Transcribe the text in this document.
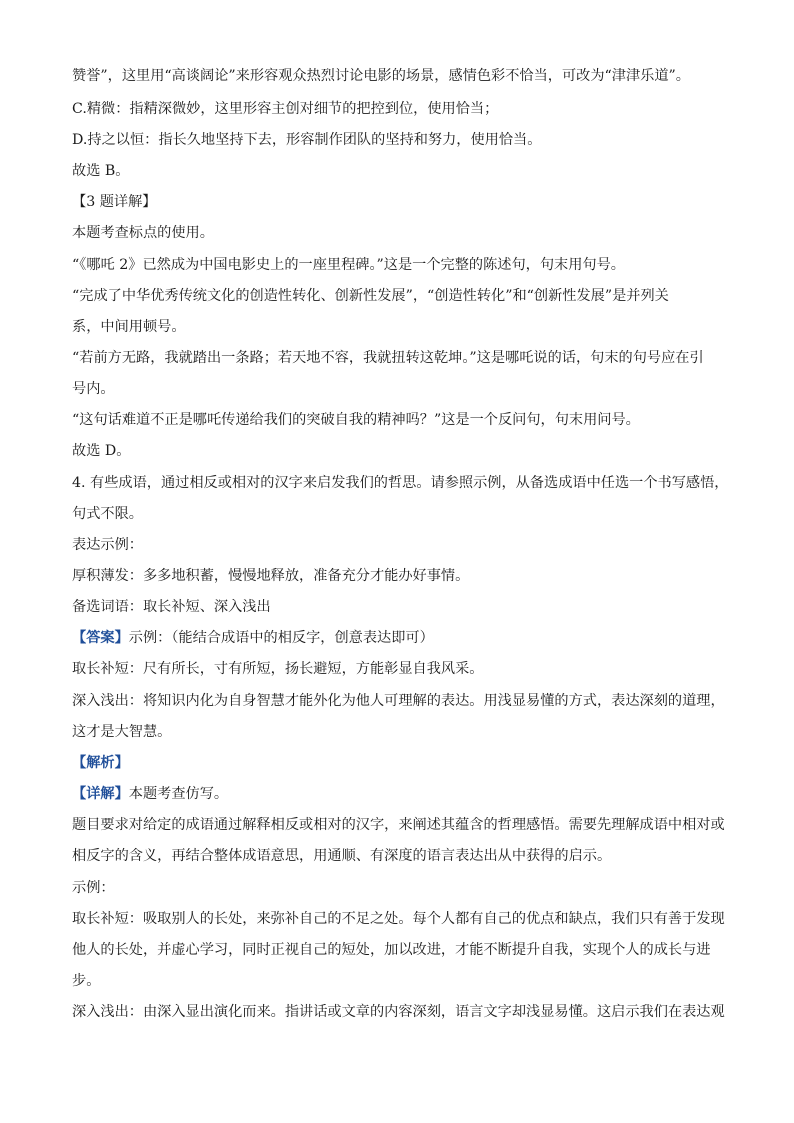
赞誉”，这里用“高谈阔论”来形容观众热烈讨论电影的场景，感情色彩不恰当，可改为“津津乐道”。
C.精微：指精深微妙，这里形容主创对细节的把控到位，使用恰当；
D.持之以恒：指长久地坚持下去，形容制作团队的坚持和努力，使用恰当。
故选 B。
【3 题详解】
本题考查标点的使用。
“《哪吒 2》已然成为中国电影史上的一座里程碑。”这是一个完整的陈述句，句末用句号。
“完成了中华优秀传统文化的创造性转化、创新性发展”，“创造性转化”和“创新性发展”是并列关
系，中间用顿号。
“若前方无路，我就踏出一条路；若天地不容，我就扭转这乾坤。”这是哪吒说的话，句末的句号应在引
号内。
“这句话难道不正是哪吒传递给我们的突破自我的精神吗？”这是一个反问句，句末用问号。
故选 D。
4. 有些成语，通过相反或相对的汉字来启发我们的哲思。请参照示例，从备选成语中任选一个书写感悟，
句式不限。
表达示例：
厚积薄发：多多地积蓄，慢慢地释放，准备充分才能办好事情。
备选词语：取长补短、深入浅出
【答案】示例：（能结合成语中的相反字，创意表达即可）
取长补短：尺有所长，寸有所短，扬长避短，方能彰显自我风采。
深入浅出：将知识内化为自身智慧才能外化为他人可理解的表达。用浅显易懂的方式，表达深刻的道理，
这才是大智慧。
【解析】
【详解】本题考查仿写。
题目要求对给定的成语通过解释相反或相对的汉字，来阐述其蕴含的哲理感悟。需要先理解成语中相对或
相反字的含义，再结合整体成语意思，用通顺、有深度的语言表达出从中获得的启示。
示例：
取长补短：吸取别人的长处，来弥补自己的不足之处。每个人都有自己的优点和缺点，我们只有善于发现
他人的长处，并虚心学习，同时正视自己的短处，加以改进，才能不断提升自我，实现个人的成长与进
步。
深入浅出：由深入显出演化而来。指讲话或文章的内容深刻，语言文字却浅显易懂。这启示我们在表达观
